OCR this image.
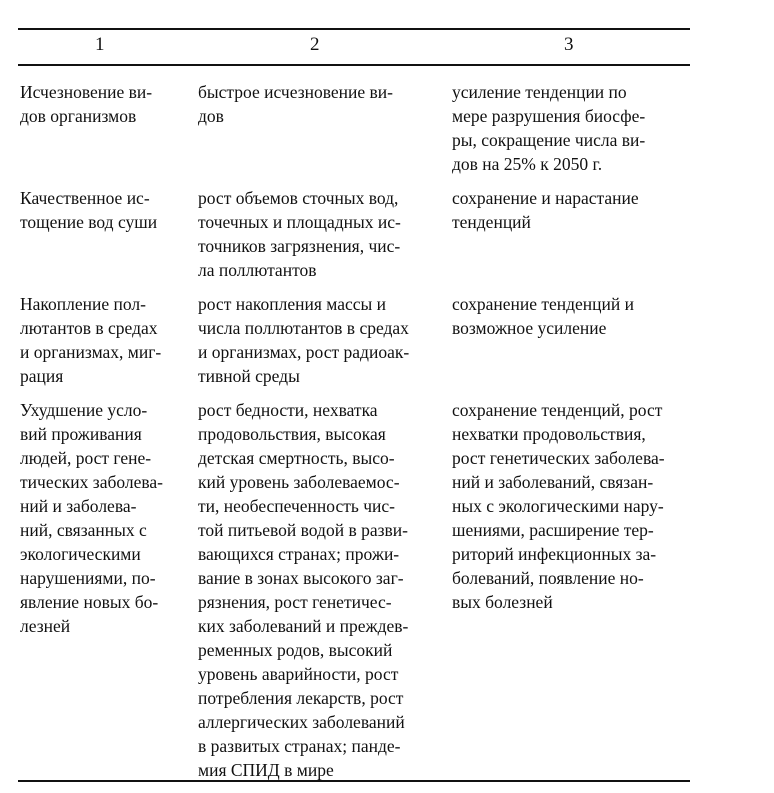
1	2	3
Исчезновение ви-
дов организмов
быстрое исчезновение ви-
дов
усиление тенденции по
мере разрушения биосфе-
ры, сокращение числа ви-
дов на 25% к 2050 г.
Качественное ис-
тощение вод суши
рост объемов сточных вод,
точечных и площадных ис-
точников загрязнения, чис-
ла поллютантов
сохранение и нарастание
тенденций
Накопление пол-
лютантов в средах
и организмах, миг-
рация
рост накопления массы и
числа поллютантов в средах
и организмах, рост радиоак-
тивной среды
сохранение тенденций и
возможное усиление
Ухудшение усло-
вий проживания
людей, рост гене-
тических заболева-
ний и заболева-
ний, связанных с
экологическими
нарушениями, по-
явление новых бо-
лезней
рост бедности, нехватка
продовольствия, высокая
детская смертность, высо-
кий уровень заболеваемос-
ти, необеспеченность чис-
той питьевой водой в разви-
вающихся странах; прожи-
вание в зонах высокого заг-
рязнения, рост генетичес-
ких заболеваний и преждев-
ременных родов, высокий
уровень аварийности, рост
потребления лекарств, рост
аллергических заболеваний
в развитых странах; панде-
мия СПИД в мире
сохранение тенденций, рост
нехватки продовольствия,
рост генетических заболева-
ний и заболеваний, связан-
ных с экологическими нару-
шениями, расширение тер-
риторий инфекционных за-
болеваний, появление но-
вых болезней
